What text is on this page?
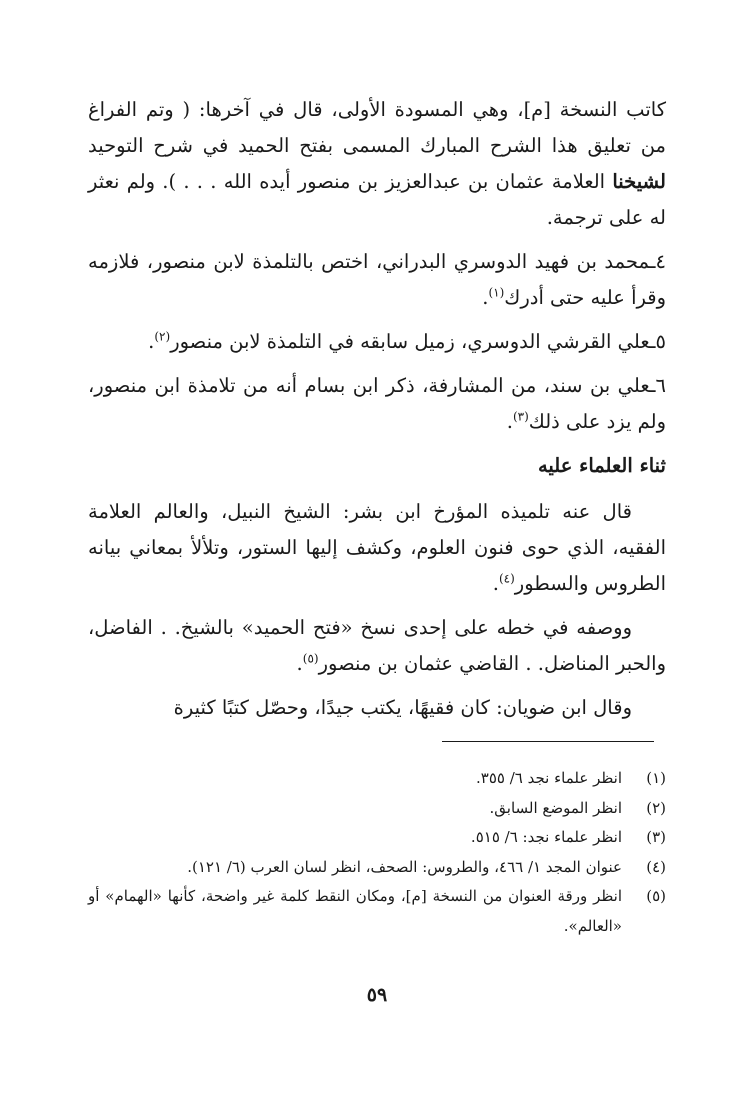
كاتب النسخة [م]، وهي المسودة الأولى، قال في آخرها: ( وتم الفراغ من تعليق هذا الشرح المبارك المسمى بفتح الحميد في شرح التوحيد لشيخنا العلامة عثمان بن عبدالعزيز بن منصور أيده الله . . . ). ولم نعثر له على ترجمة.

٤ـمحمد بن فهيد الدوسري البدراني، اختص بالتلمذة لابن منصور، فلازمه وقرأ عليه حتى أدرك$^{(١)}$.

٥ـعلي القرشي الدوسري، زميل سابقه في التلمذة لابن منصور$^{(٢)}$.

٦ـعلي بن سند، من المشارفة، ذكر ابن بسام أنه من تلامذة ابن منصور، ولم يزد على ذلك$^{(٣)}$.

ثناء العلماء عليه

قال عنه تلميذه المؤرخ ابن بشر: الشيخ النبيل، والعالم العلامة الفقيه، الذي حوى فنون العلوم، وكشف إليها الستور، وتلألأ بمعاني بيانه الطروس والسطور$^{(٤)}$.

ووصفه في خطه على إحدى نسخ «فتح الحميد» بالشيخ. . الفاضل، والحبر المناضل. . القاضي عثمان بن منصور$^{(٥)}$.

وقال ابن ضويان: كان فقيهًا، يكتب جيدًا، وحصّل كتبًا كثيرة

(١)
انظر علماء نجد ٦/ ٣٥٥.

(٢)
انظر الموضع السابق.

(٣)
انظر علماء نجد: ٦/ ٥١٥.

(٤)
عنوان المجد ١/ ٤٦٦، والطروس: الصحف، انظر لسان العرب (٦/ ١٢١).

(٥)
انظر ورقة العنوان من النسخة [م]، ومكان النقط كلمة غير واضحة، كأنها «الهمام» أو «العالم».

٥٩
